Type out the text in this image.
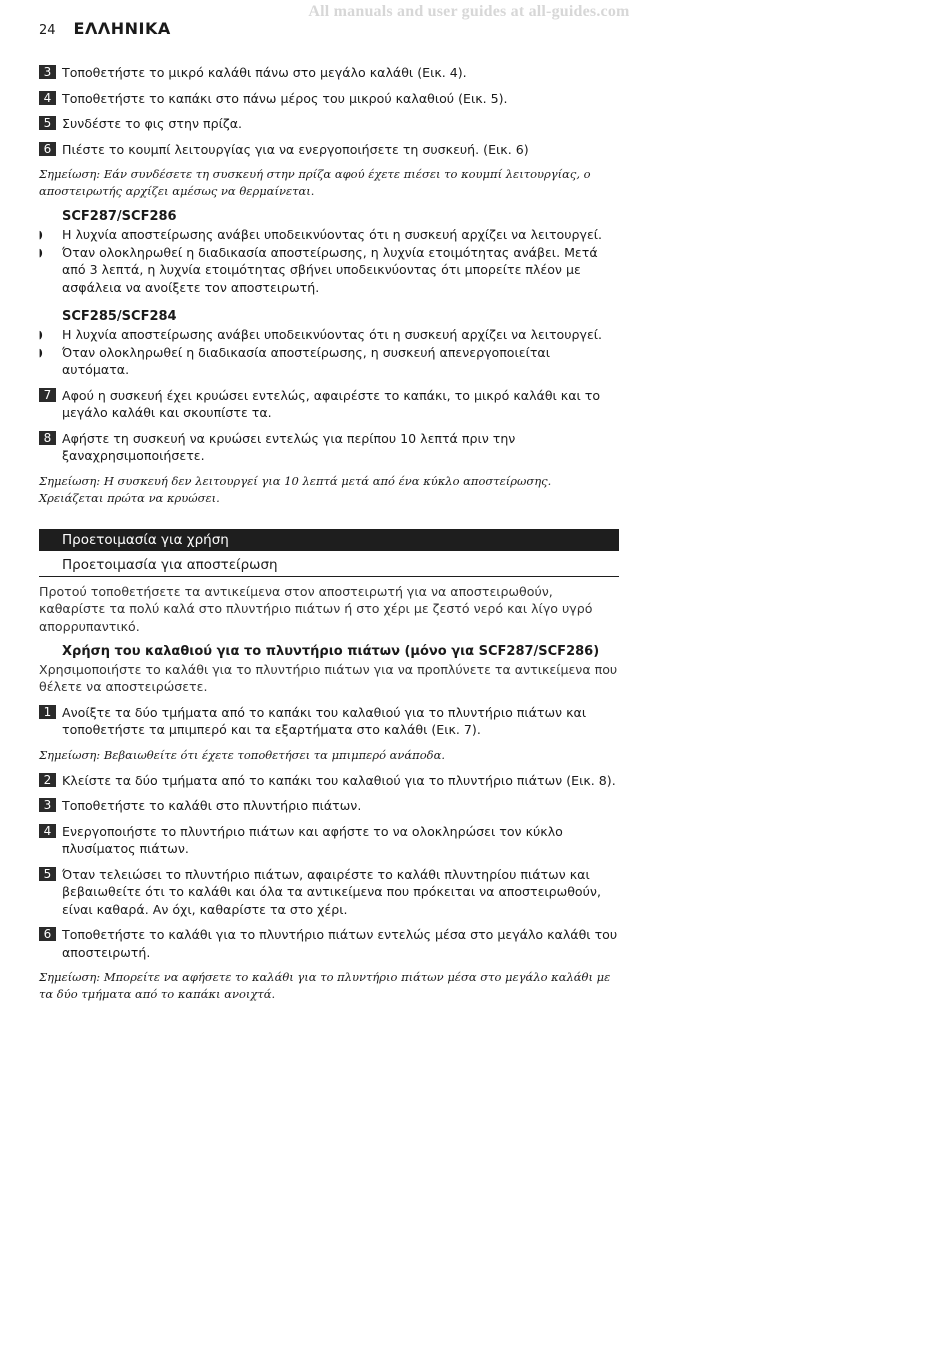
All manuals and user guides at all-guides.com
24 ΕΛΛΗΝΙΚΑ
3 Τοποθετήστε το μικρό καλάθι πάνω στο μεγάλο καλάθι (Εικ. 4).
4 Τοποθετήστε το καπάκι στο πάνω μέρος του μικρού καλαθιού (Εικ. 5).
5 Συνδέστε το φις στην πρίζα.
6 Πιέστε το κουμπί λειτουργίας για να ενεργοποιήσετε τη συσκευή. (Εικ. 6)
Σημείωση: Εάν συνδέσετε τη συσκευή στην πρίζα αφού έχετε πιέσει το κουμπί λειτουργίας, ο αποστειρωτής αρχίζει αμέσως να θερμαίνεται.
SCF287/SCF286
◗	Η λυχνία αποστείρωσης ανάβει υποδεικνύοντας ότι η συσκευή αρχίζει να λειτουργεί.
◗	Όταν ολοκληρωθεί η διαδικασία αποστείρωσης, η λυχνία ετοιμότητας ανάβει. Μετά από 3 λεπτά, η λυχνία ετοιμότητας σβήνει υποδεικνύοντας ότι μπορείτε πλέον με ασφάλεια να ανοίξετε τον αποστειρωτή.
SCF285/SCF284
◗	Η λυχνία αποστείρωσης ανάβει υποδεικνύοντας ότι η συσκευή αρχίζει να λειτουργεί.
◗	Όταν ολοκληρωθεί η διαδικασία αποστείρωσης, η συσκευή απενεργοποιείται αυτόματα.
7 Αφού η συσκευή έχει κρυώσει εντελώς, αφαιρέστε το καπάκι, το μικρό καλάθι και το μεγάλο καλάθι και σκουπίστε τα.
8 Αφήστε τη συσκευή να κρυώσει εντελώς για περίπου 10 λεπτά πριν την ξαναχρησιμοποιήσετε.
Σημείωση: Η συσκευή δεν λειτουργεί για 10 λεπτά μετά από ένα κύκλο αποστείρωσης. Χρειάζεται πρώτα να κρυώσει.
Προετοιμασία για χρήση
Προετοιμασία για αποστείρωση
Προτού τοποθετήσετε τα αντικείμενα στον αποστειρωτή για να αποστειρωθούν, καθαρίστε τα πολύ καλά στο πλυντήριο πιάτων ή στο χέρι με ζεστό νερό και λίγο υγρό απορρυπαντικό.
Χρήση του καλαθιού για το πλυντήριο πιάτων (μόνο για SCF287/SCF286)
Χρησιμοποιήστε το καλάθι για το πλυντήριο πιάτων για να προπλύνετε τα αντικείμενα που θέλετε να αποστειρώσετε.
1 Ανοίξτε τα δύο τμήματα από το καπάκι του καλαθιού για το πλυντήριο πιάτων και τοποθετήστε τα μπιμπερό και τα εξαρτήματα στο καλάθι (Εικ. 7).
Σημείωση: Βεβαιωθείτε ότι έχετε τοποθετήσει τα μπιμπερό ανάποδα.
2 Κλείστε τα δύο τμήματα από το καπάκι του καλαθιού για το πλυντήριο πιάτων (Εικ. 8).
3 Τοποθετήστε το καλάθι στο πλυντήριο πιάτων.
4 Ενεργοποιήστε το πλυντήριο πιάτων και αφήστε το να ολοκληρώσει τον κύκλο πλυσίματος πιάτων.
5 Όταν τελειώσει το πλυντήριο πιάτων, αφαιρέστε το καλάθι πλυντηρίου πιάτων και βεβαιωθείτε ότι το καλάθι και όλα τα αντικείμενα που πρόκειται να αποστειρωθούν, είναι καθαρά. Αν όχι, καθαρίστε τα στο χέρι.
6 Τοποθετήστε το καλάθι για το πλυντήριο πιάτων εντελώς μέσα στο μεγάλο καλάθι του αποστειρωτή.
Σημείωση: Μπορείτε να αφήσετε το καλάθι για το πλυντήριο πιάτων μέσα στο μεγάλο καλάθι με τα δύο τμήματα από το καπάκι ανοιχτά.
